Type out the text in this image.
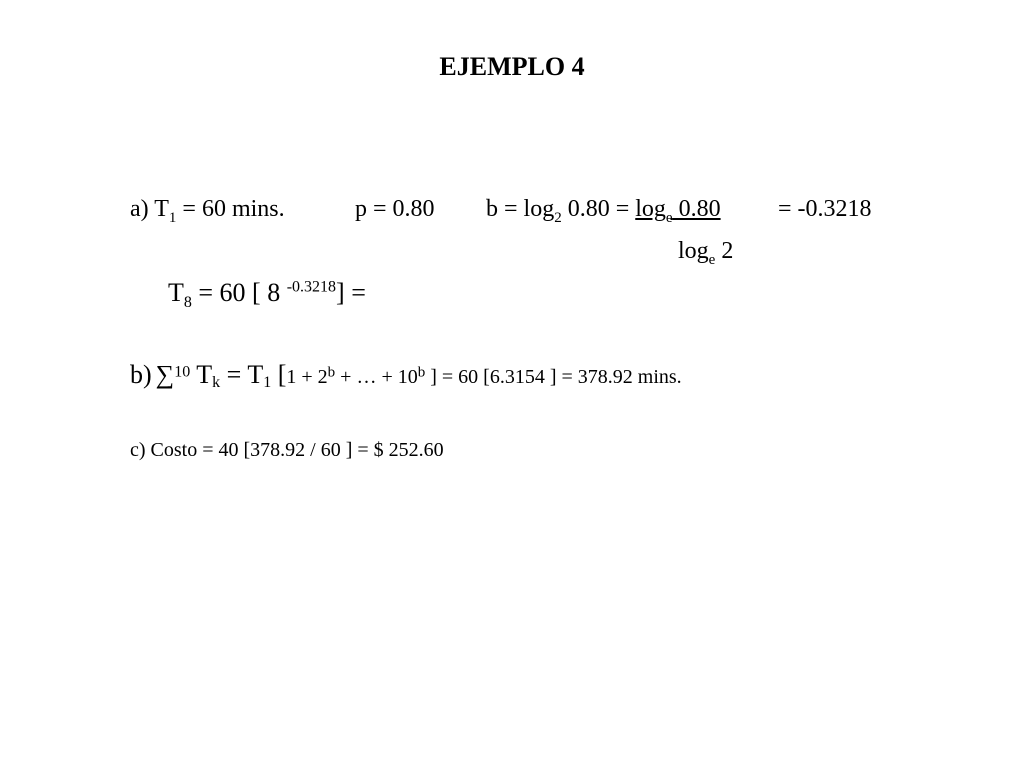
EJEMPLO 4
a) $T_1 = 60$ mins.	p = 0.80 $b = \log_2 0.80 = \log_e 0.80 = -0.3218$
$\log_e 2$
$T_8 = 60$ [ 8 $^{-0.3218}$] =
b) ∑$^{10}$ $T_k = T_1$ [$1 + 2^b$ + … + $10^b$ ] = 60 [6.3154 ] = 378.92 mins.
c) Costo = 40 [378.92 / 60 ] = $ 252.60
